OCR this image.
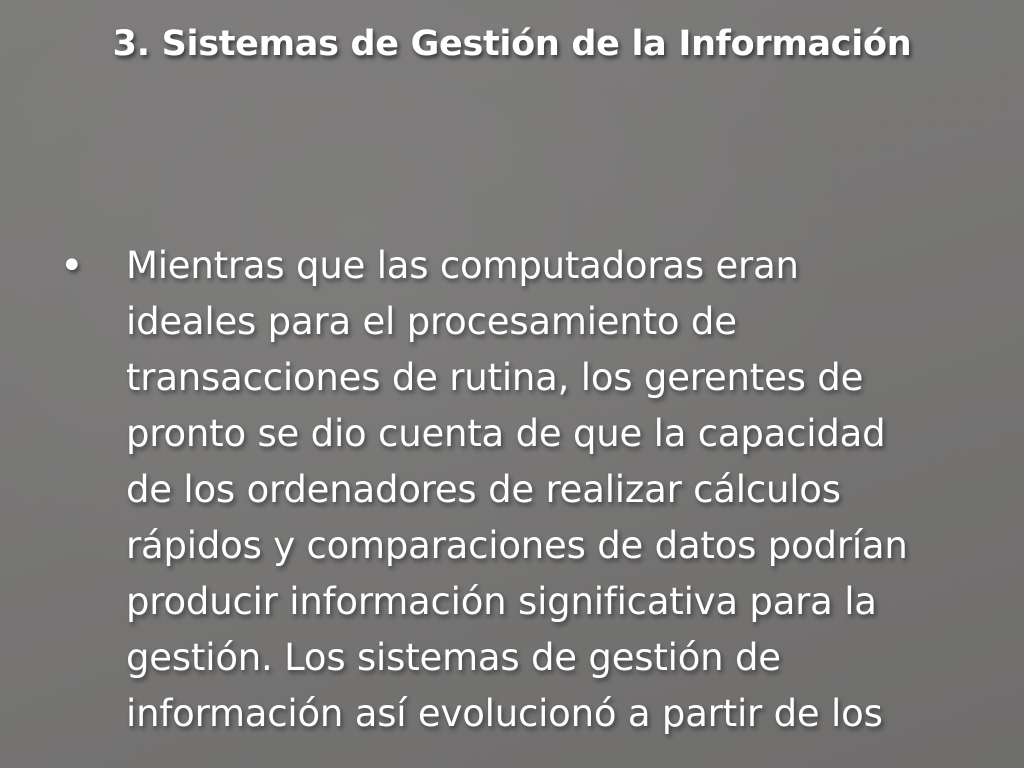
3. Sistemas de Gestión de la Información
•	Mientras que las computadoras eran ideales para el procesamiento de transacciones de rutina, los gerentes de pronto se dio cuenta de que la capacidad de los ordenadores de realizar cálculos rápidos y comparaciones de datos podrían producir información significativa para la gestión. Los sistemas de gestión de información así evolucionó a partir de los
